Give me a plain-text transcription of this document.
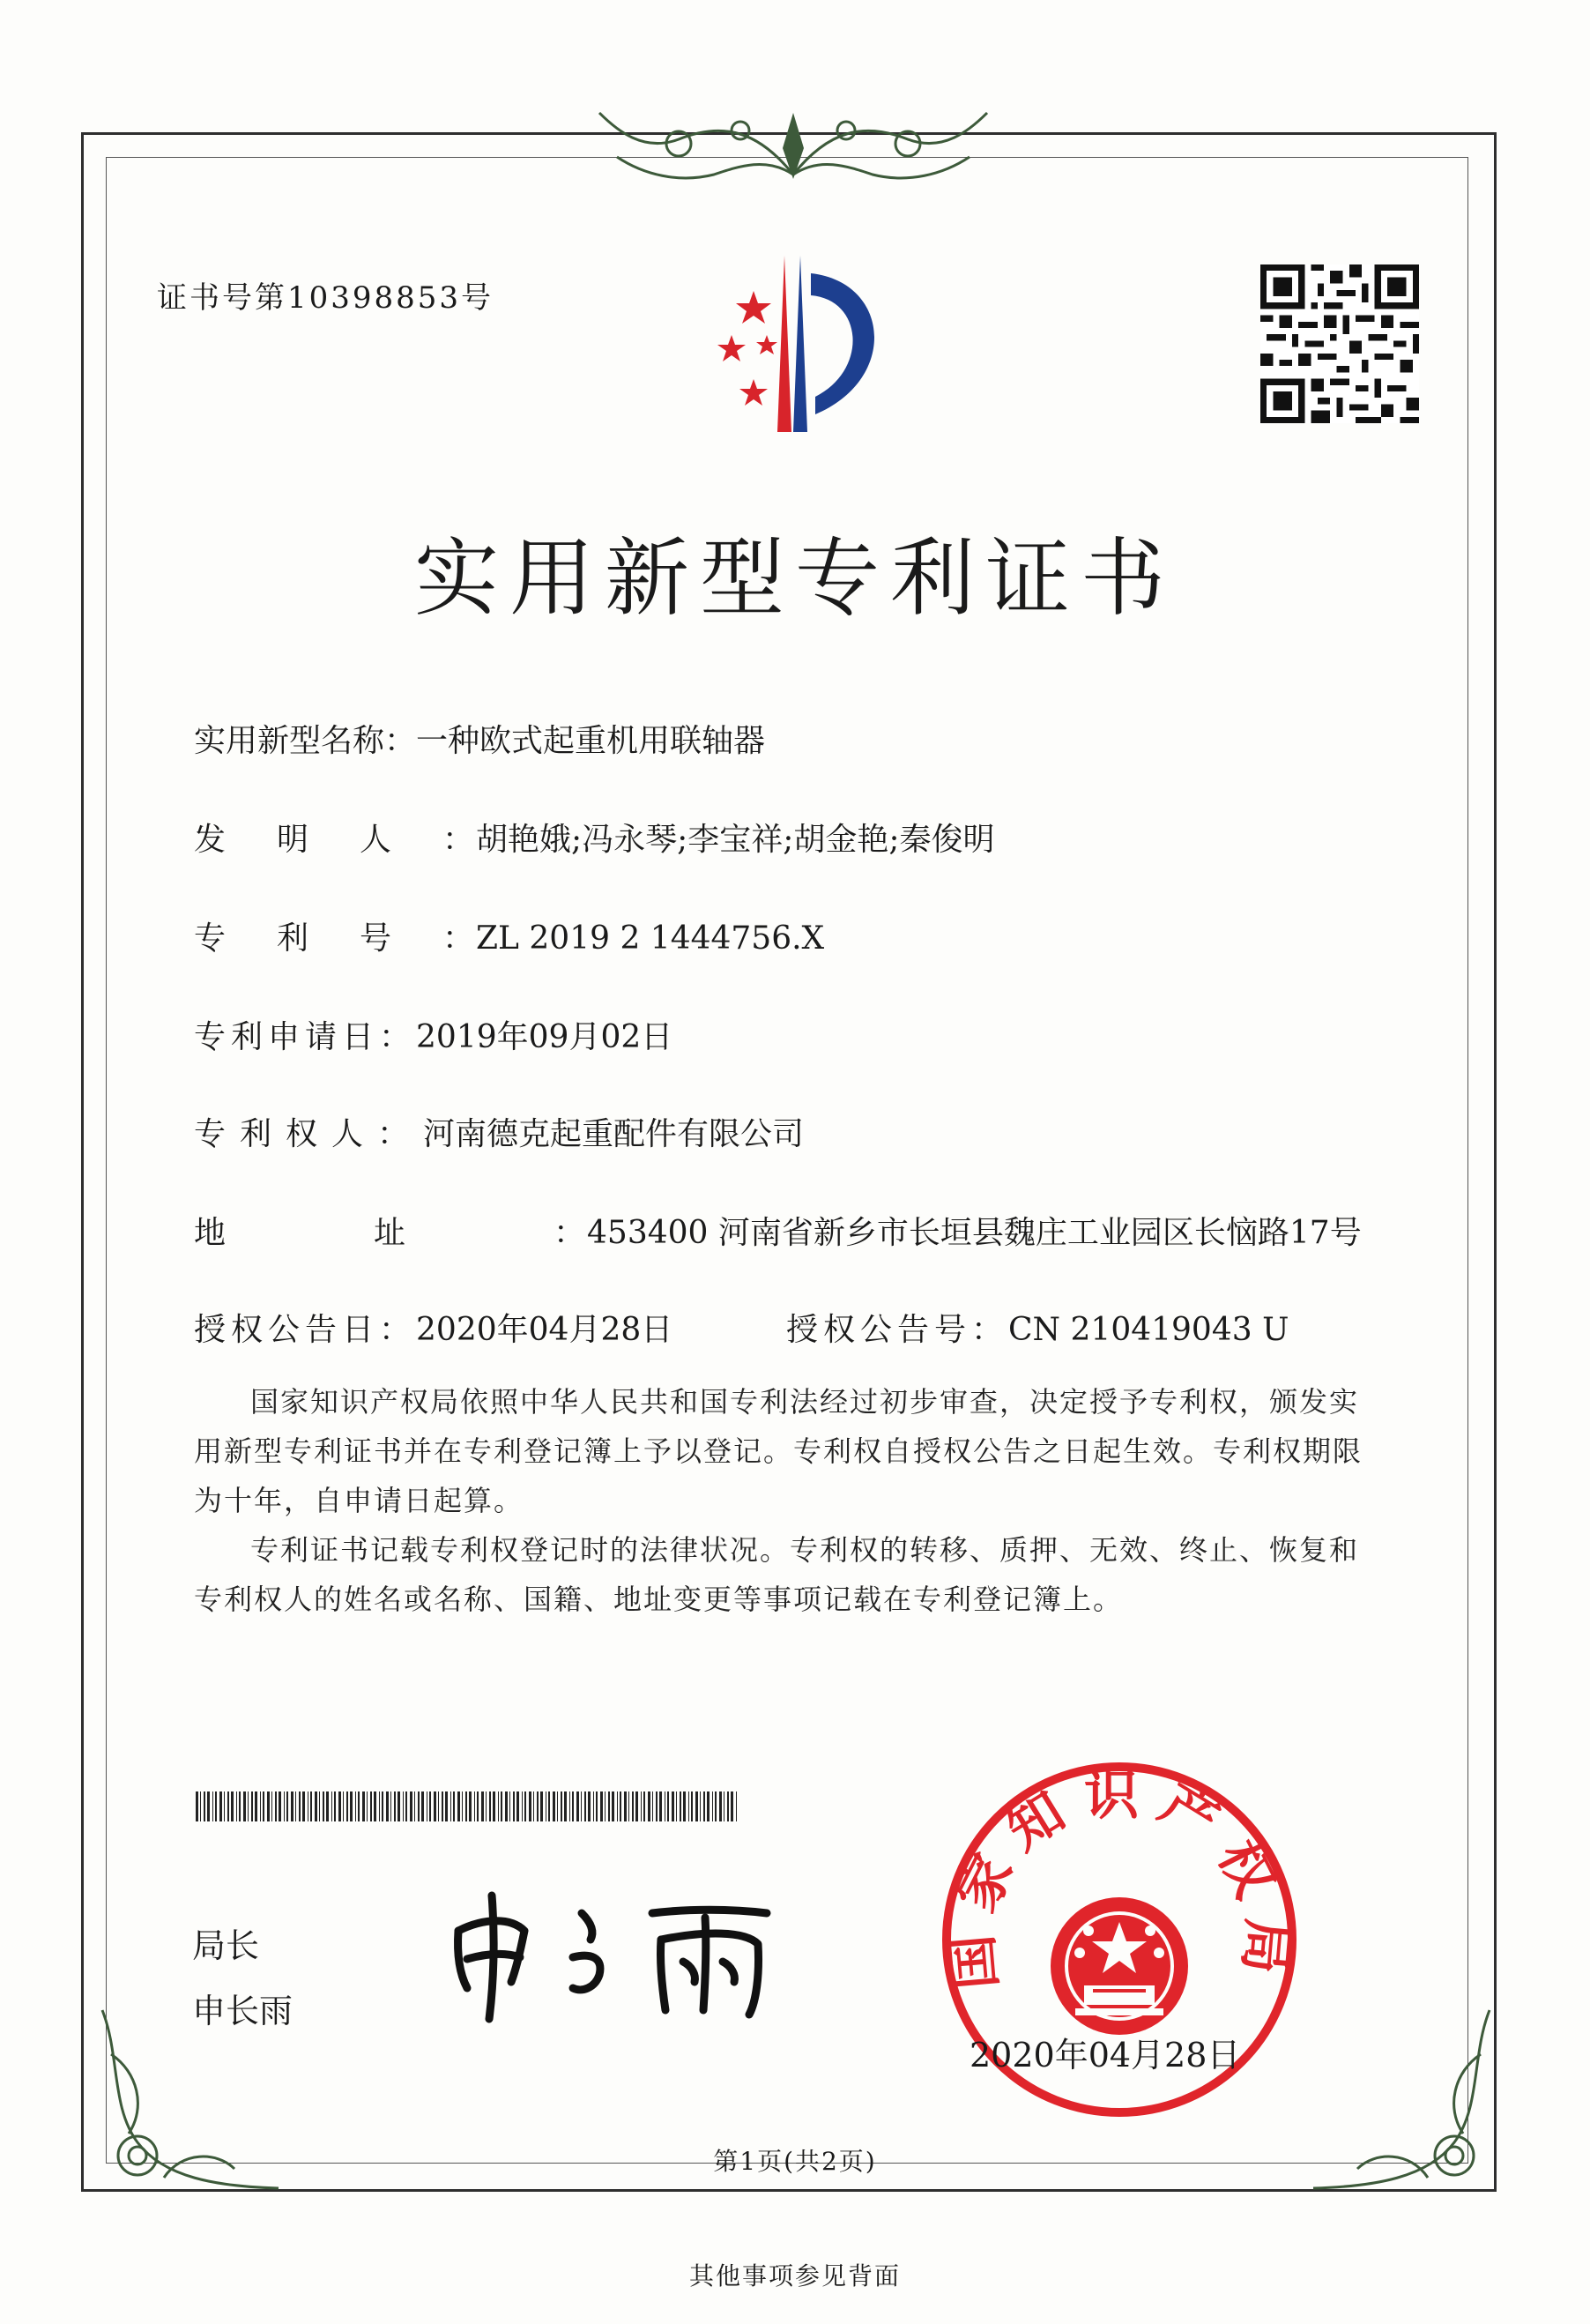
证书号第10398853号
实用新型专利证书
实用新型名称：一种欧式起重机用联轴器
发明人：胡艳娥;冯永琴;李宝祥;胡金艳;秦俊明
专利号：ZL 2019 2 1444756.X
专利申请日：2019年09月02日
专利权人：河南德克起重配件有限公司
地址：453400 河南省新乡市长垣县魏庄工业园区长恼路17号
授权公告日：2020年04月28日	授权公告号：CN 210419043 U
国家知识产权局依照中华人民共和国专利法经过初步审查，决定授予专利权，颁发实用新型专利证书并在专利登记簿上予以登记。专利权自授权公告之日起生效。专利权期限为十年，自申请日起算。
专利证书记载专利权登记时的法律状况。专利权的转移、质押、无效、终止、恢复和专利权人的姓名或名称、国籍、地址变更等事项记载在专利登记簿上。
局长
申长雨
国家知识产权局
2020年04月28日
第1页(共2页)
其他事项参见背面
